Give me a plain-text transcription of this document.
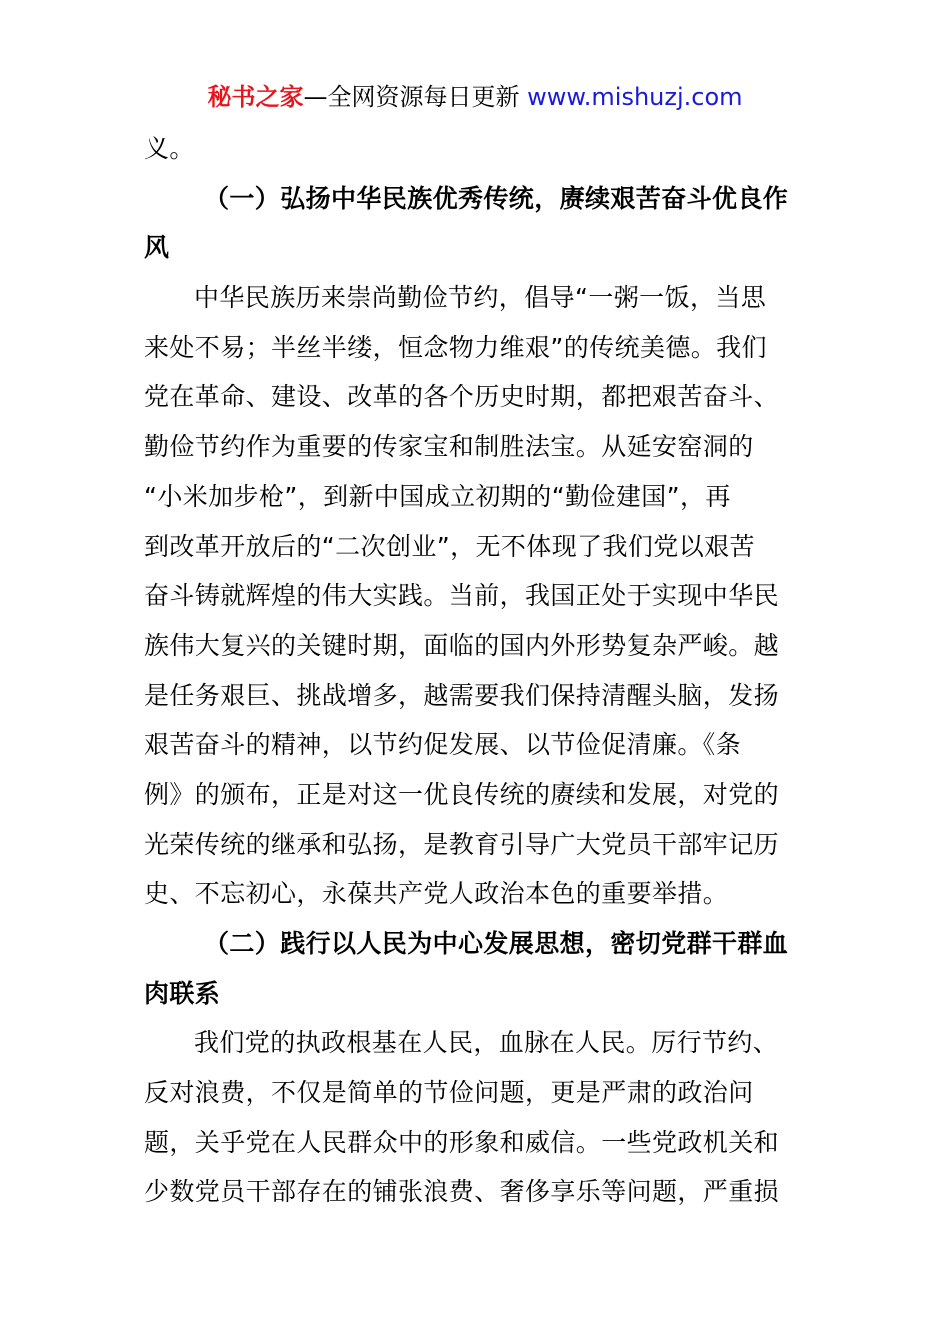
秘书之家—全网资源每日更新 www.mishuzj.com
义。
（一）弘扬中华民族优秀传统，赓续艰苦奋斗优良作
风
中华民族历来崇尚勤俭节约，倡导“一粥一饭，当思
来处不易；半丝半缕，恒念物力维艰”的传统美德。我们
党在革命、建设、改革的各个历史时期，都把艰苦奋斗、
勤俭节约作为重要的传家宝和制胜法宝。从延安窑洞的
“小米加步枪”，到新中国成立初期的“勤俭建国”，再
到改革开放后的“二次创业”，无不体现了我们党以艰苦
奋斗铸就辉煌的伟大实践。当前，我国正处于实现中华民
族伟大复兴的关键时期，面临的国内外形势复杂严峻。越
是任务艰巨、挑战增多，越需要我们保持清醒头脑，发扬
艰苦奋斗的精神，以节约促发展、以节俭促清廉。《条
例》的颁布，正是对这一优良传统的赓续和发展，对党的
光荣传统的继承和弘扬，是教育引导广大党员干部牢记历
史、不忘初心，永葆共产党人政治本色的重要举措。
（二）践行以人民为中心发展思想，密切党群干群血
肉联系
我们党的执政根基在人民，血脉在人民。厉行节约、
反对浪费，不仅是简单的节俭问题，更是严肃的政治问
题，关乎党在人民群众中的形象和威信。一些党政机关和
少数党员干部存在的铺张浪费、奢侈享乐等问题，严重损
